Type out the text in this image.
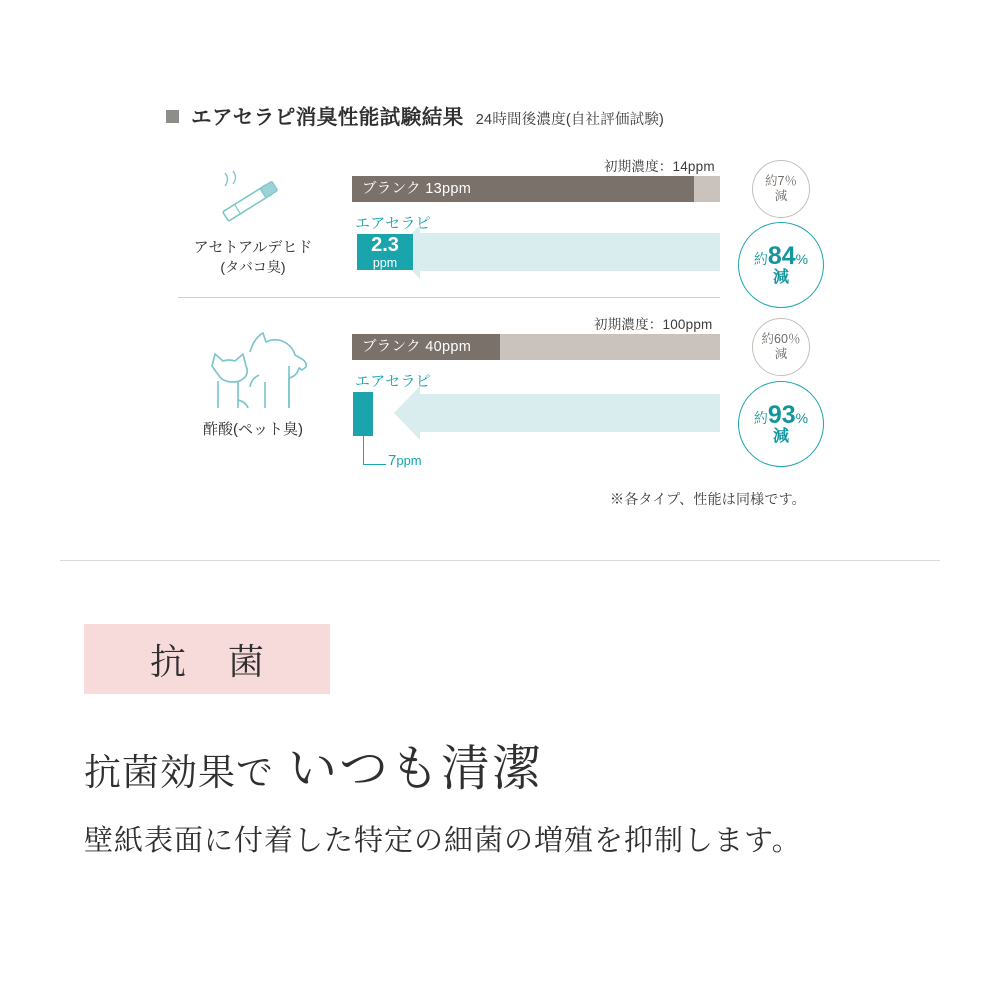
エアセラピ消臭性能試験結果 24時間後濃度(自社評価試験)
アセトアルデヒド
(タバコ臭)
初期濃度：14ppm
ブランク 13ppm
エアセラピ
2.3
ppm
約7％
減
約84%
減
酢酸(ペット臭)
初期濃度：100ppm
ブランク 40ppm
エアセラピ
7ppm
約60％
減
約93%
減
※各タイプ、性能は同様です。
抗 菌
抗菌効果で いつも清潔
壁紙表面に付着した特定の細菌の増殖を抑制します。
